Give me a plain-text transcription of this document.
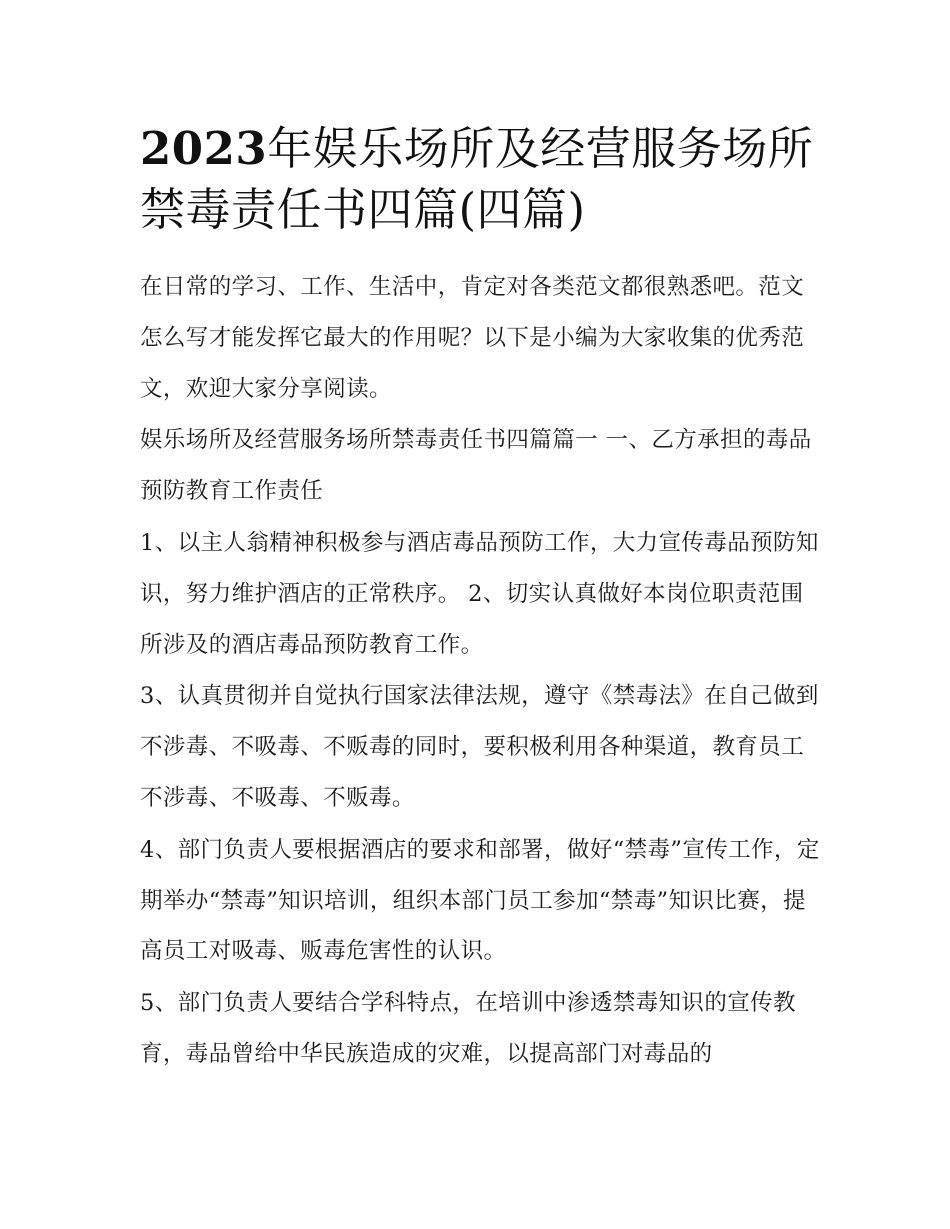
2023年娱乐场所及经营服务场所禁毒责任书四篇(四篇)

在日常的学习、工作、生活中，肯定对各类范文都很熟悉吧。范文怎么写才能发挥它最大的作用呢？以下是小编为大家收集的优秀范文，欢迎大家分享阅读。

娱乐场所及经营服务场所禁毒责任书四篇篇一 一、乙方承担的毒品预防教育工作责任

1、以主人翁精神积极参与酒店毒品预防工作，大力宣传毒品预防知识，努力维护酒店的正常秩序。 2、切实认真做好本岗位职责范围所涉及的酒店毒品预防教育工作。

3、认真贯彻并自觉执行国家法律法规，遵守《禁毒法》在自己做到不涉毒、不吸毒、不贩毒的同时，要积极利用各种渠道，教育员工不涉毒、不吸毒、不贩毒。

4、部门负责人要根据酒店的要求和部署，做好“禁毒”宣传工作，定期举办“禁毒”知识培训，组织本部门员工参加“禁毒”知识比赛，提高员工对吸毒、贩毒危害性的认识。

5、部门负责人要结合学科特点，在培训中渗透禁毒知识的宣传教育，毒品曾给中华民族造成的灾难，以提高部门对毒品的
